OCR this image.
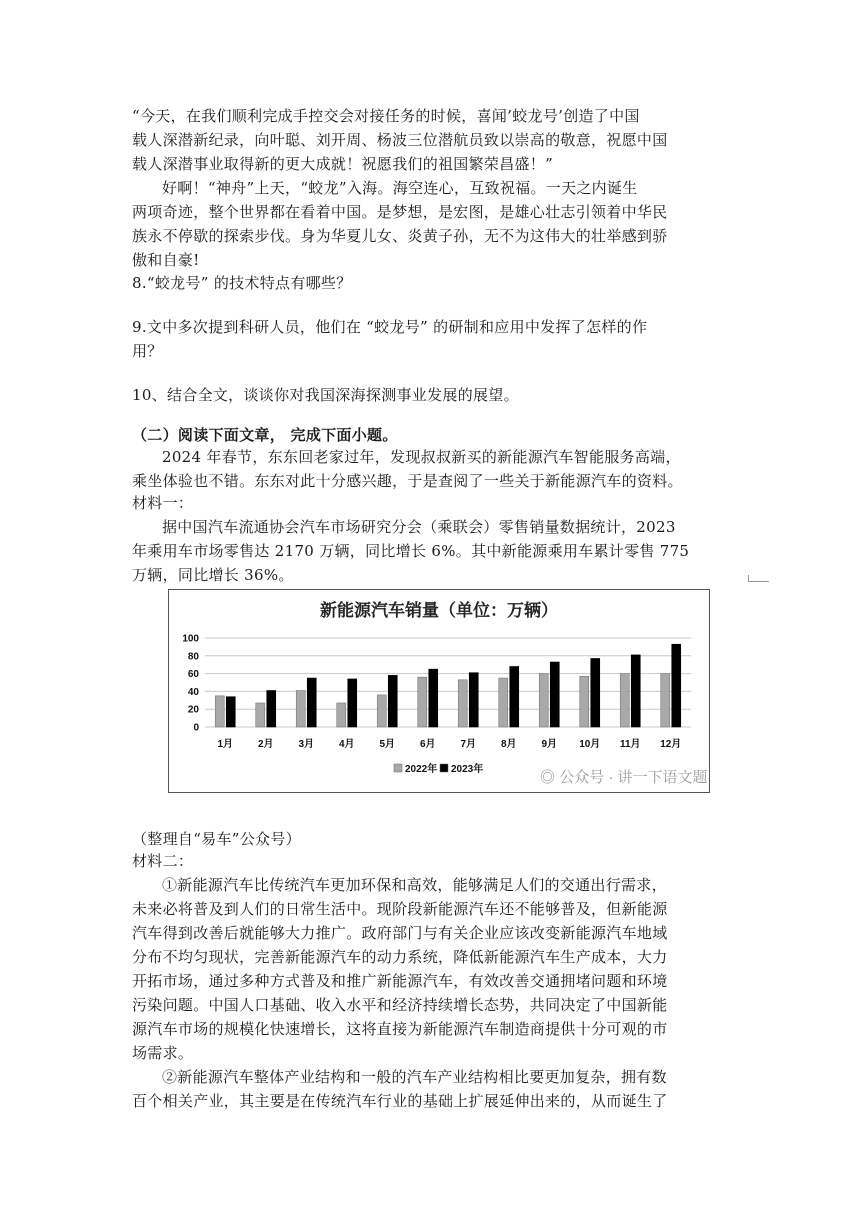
“今天，在我们顺利完成手控交会对接任务的时候，喜闻’蛟龙号’创造了中国
载人深潜新纪录，向叶聪、刘开周、杨波三位潜航员致以崇高的敬意，祝愿中国
载人深潜事业取得新的更大成就！祝愿我们的祖国繁荣昌盛！”
好啊！“神舟”上天，“蛟龙”入海。海空连心，互致祝福。一天之内诞生
两项奇迹，整个世界都在看着中国。是梦想，是宏图，是雄心壮志引领着中华民
族永不停歇的探索步伐。身为华夏儿女、炎黄子孙，无不为这伟大的壮举感到骄
傲和自豪!
8.“蛟龙号” 的技术特点有哪些？
9.文中多次提到科研人员，他们在 “蛟龙号” 的研制和应用中发挥了怎样的作
用？
10、结合全文，谈谈你对我国深海探测事业发展的展望。
（二）阅读下面文章， 完成下面小题。
2024 年春节，东东回老家过年，发现叔叔新买的新能源汽车智能服务高端，
乘坐体验也不错。东东对此十分感兴趣，于是查阅了一些关于新能源汽车的资料。
材料一：
据中国汽车流通协会汽车市场研究分会（乘联会）零售销量数据统计，2023
年乘用车市场零售达 2170 万辆，同比增长 6%。其中新能源乘用车累计零售 775
万辆，同比增长 36%。
新能源汽车销量（单位：万辆）
0
20
40
60
80
100
1月 2月 3月 4月 5月 6月 7月 8月 9月 10月 11月 12月
2022年 2023年	◎ 公众号 · 讲一下语文题
（整理自“易车”公众号）
材料二：
①新能源汽车比传统汽车更加环保和高效，能够满足人们的交通出行需求，
未来必将普及到人们的日常生活中。现阶段新能源汽车还不能够普及，但新能源
汽车得到改善后就能够大力推广。政府部门与有关企业应该改变新能源汽车地域
分布不均匀现状，完善新能源汽车的动力系统，降低新能源汽车生产成本，大力
开拓市场，通过多种方式普及和推广新能源汽车，有效改善交通拥堵问题和环境
污染问题。中国人口基础、收入水平和经济持续增长态势，共同决定了中国新能
源汽车市场的规模化快速增长，这将直接为新能源汽车制造商提供十分可观的市
场需求。
②新能源汽车整体产业结构和一般的汽车产业结构相比要更加复杂，拥有数
百个相关产业，其主要是在传统汽车行业的基础上扩展延伸出来的，从而诞生了
